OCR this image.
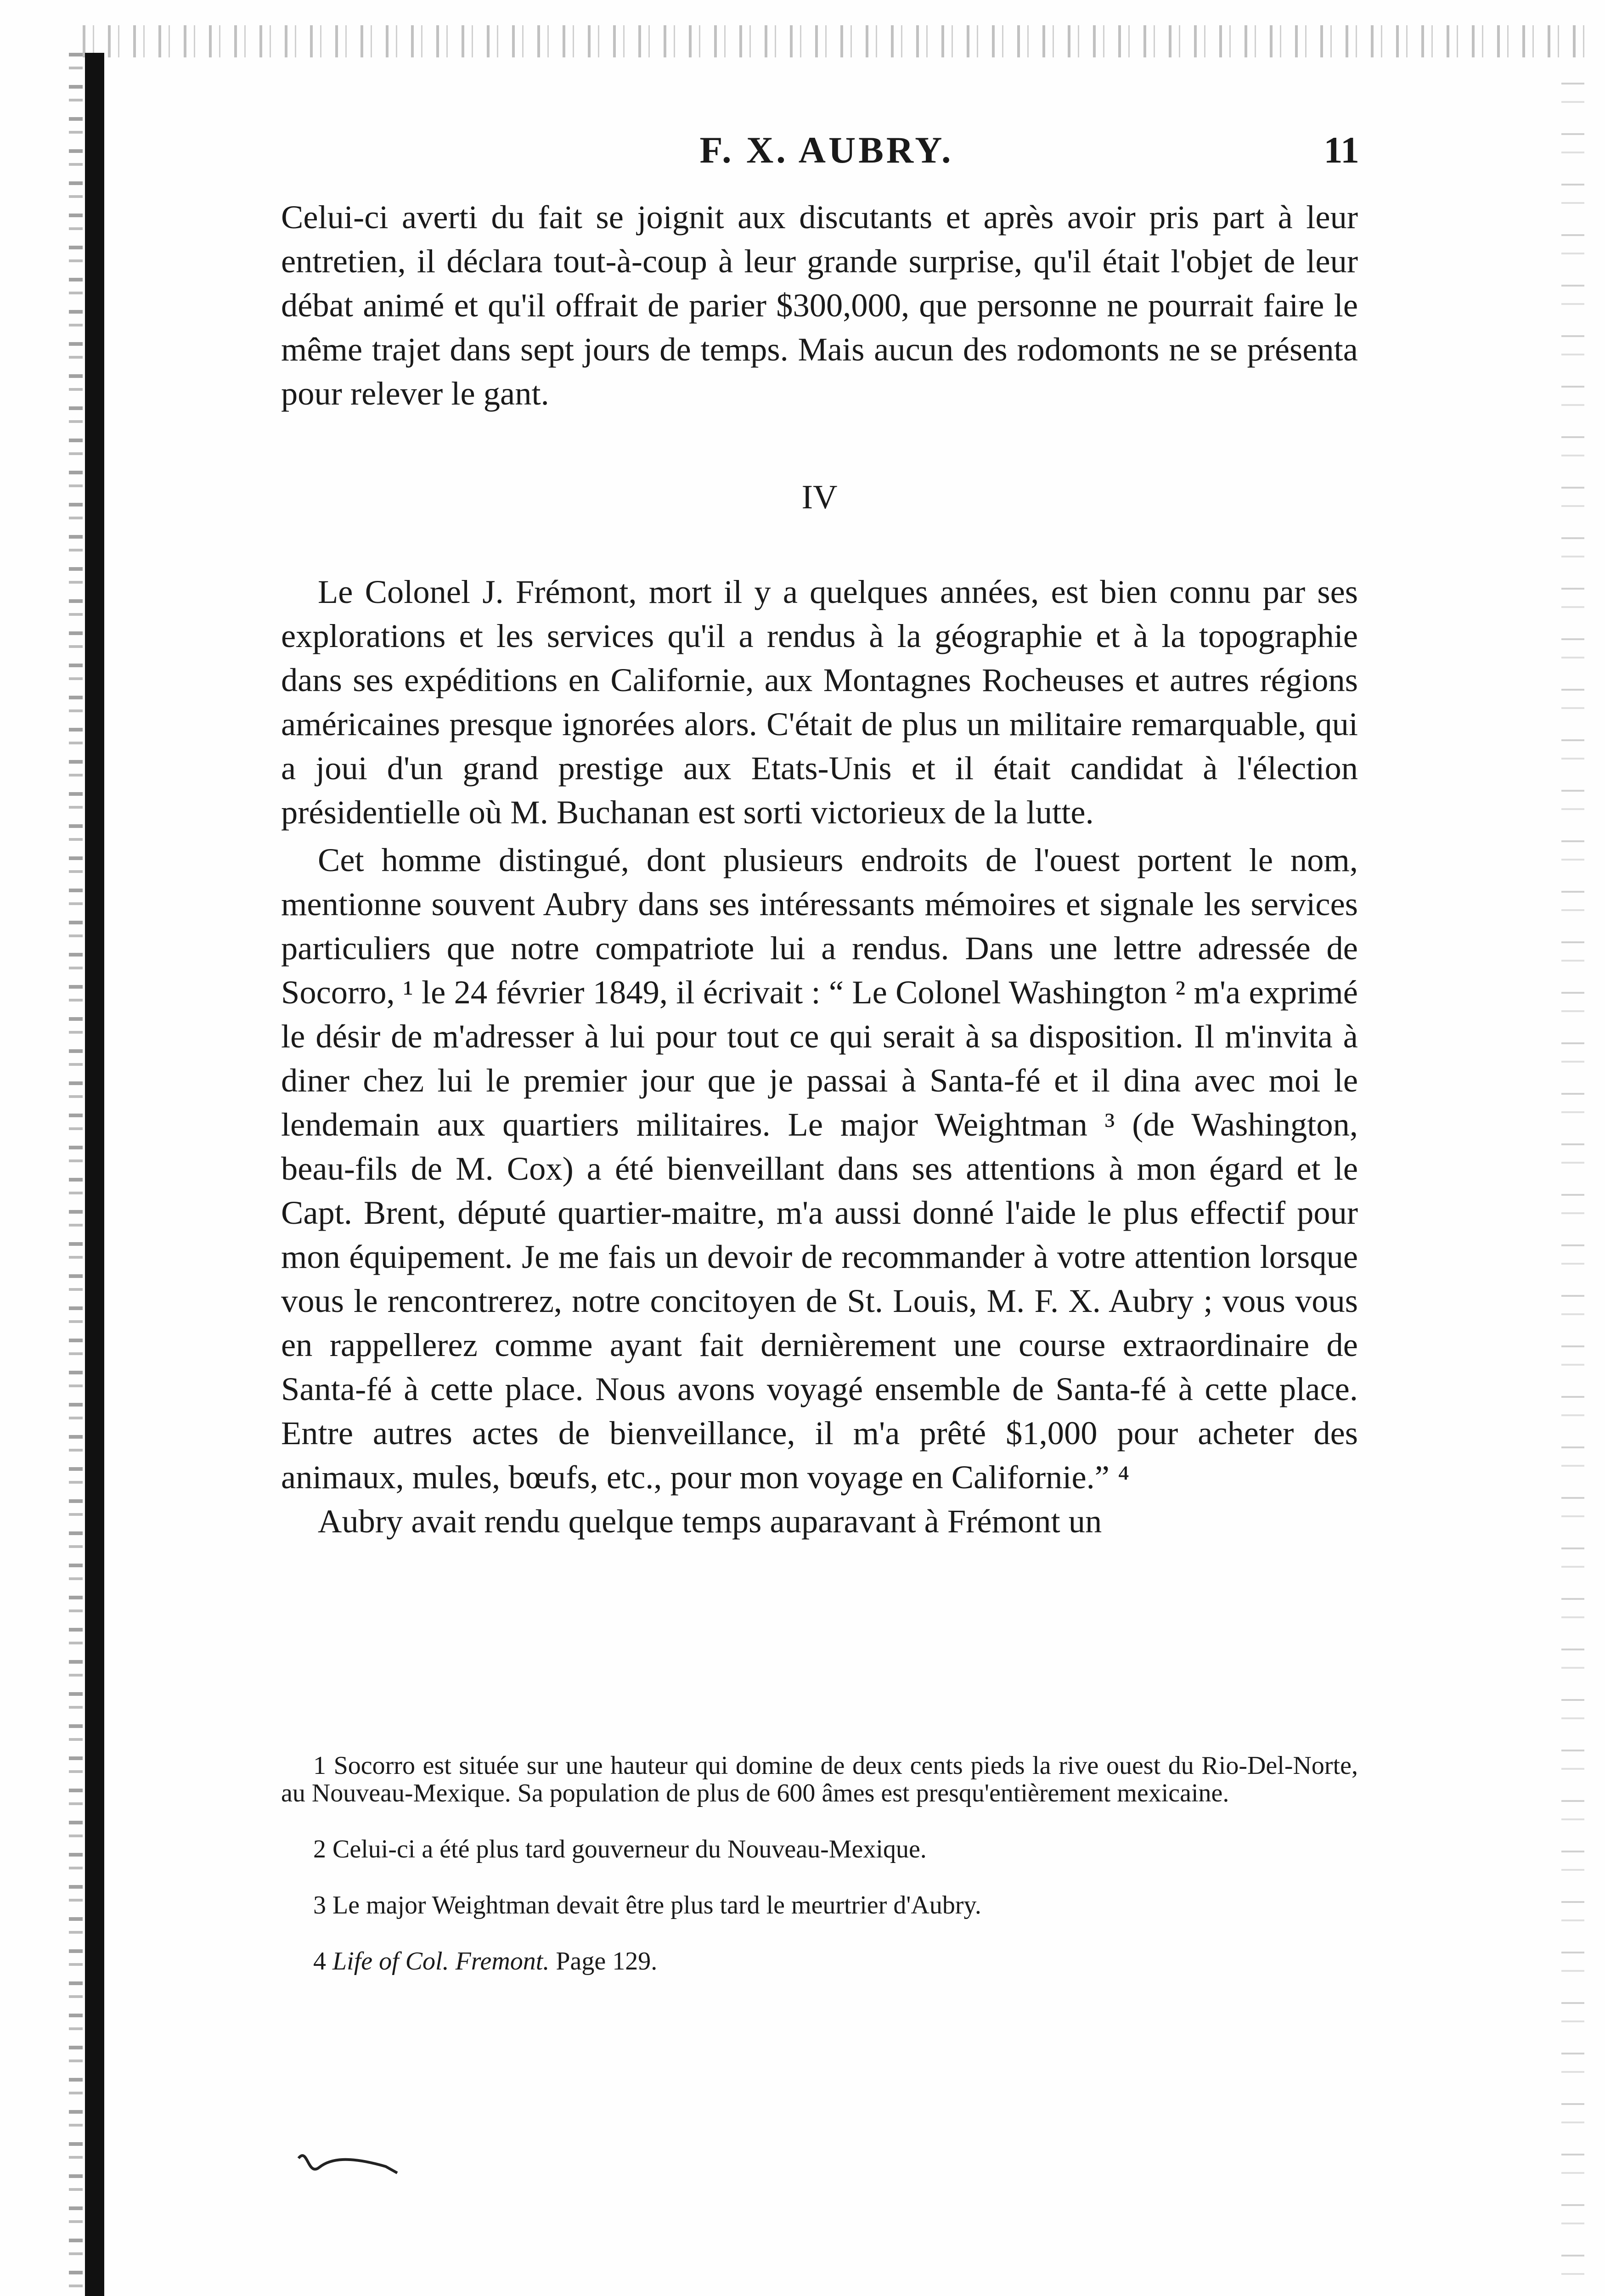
F. X. AUBRY.	11

Celui-ci averti du fait se joignit aux discutants et après avoir pris part à leur entretien, il déclara tout-à-coup à leur grande surprise, qu'il était l'objet de leur débat animé et qu'il offrait de parier $300,000, que personne ne pourrait faire le même trajet dans sept jours de temps. Mais aucun des rodomonts ne se présenta pour relever le gant.

IV

Le Colonel J. Frémont, mort il y a quelques années, est bien connu par ses explorations et les services qu'il a rendus à la géographie et à la topographie dans ses expéditions en Californie, aux Montagnes Rocheuses et autres régions américaines presque ignorées alors. C'était de plus un militaire remarquable, qui a joui d'un grand prestige aux Etats-Unis et il était candidat à l'élection présidentielle où M. Buchanan est sorti victorieux de la lutte.

Cet homme distingué, dont plusieurs endroits de l'ouest portent le nom, mentionne souvent Aubry dans ses intéressants mémoires et signale les services particuliers que notre compatriote lui a rendus. Dans une lettre adressée de Socorro, ¹ le 24 février 1849, il écrivait : “ Le Colonel Washington ² m'a exprimé le désir de m'adresser à lui pour tout ce qui serait à sa disposition. Il m'invita à diner chez lui le premier jour que je passai à Santa-fé et il dina avec moi le lendemain aux quartiers militaires. Le major Weightman ³ (de Washington, beau-fils de M. Cox) a été bienveillant dans ses attentions à mon égard et le Capt. Brent, député quartier-maitre, m'a aussi donné l'aide le plus effectif pour mon équipement. Je me fais un devoir de recommander à votre attention lorsque vous le rencontrerez, notre concitoyen de St. Louis, M. F. X. Aubry ; vous vous en rappellerez comme ayant fait dernièrement une course extraordinaire de Santa-fé à cette place. Nous avons voyagé ensemble de Santa-fé à cette place. Entre autres actes de bienveillance, il m'a prêté $1,000 pour acheter des animaux, mules, bœufs, etc., pour mon voyage en Californie.” ⁴

Aubry avait rendu quelque temps auparavant à Frémont un

1 Socorro est située sur une hauteur qui domine de deux cents pieds la rive ouest du Rio-Del-Norte, au Nouveau-Mexique. Sa population de plus de 600 âmes est presqu'entièrement mexicaine.

2 Celui-ci a été plus tard gouverneur du Nouveau-Mexique.

3 Le major Weightman devait être plus tard le meurtrier d'Aubry.

4 Life of Col. Fremont. Page 129.
